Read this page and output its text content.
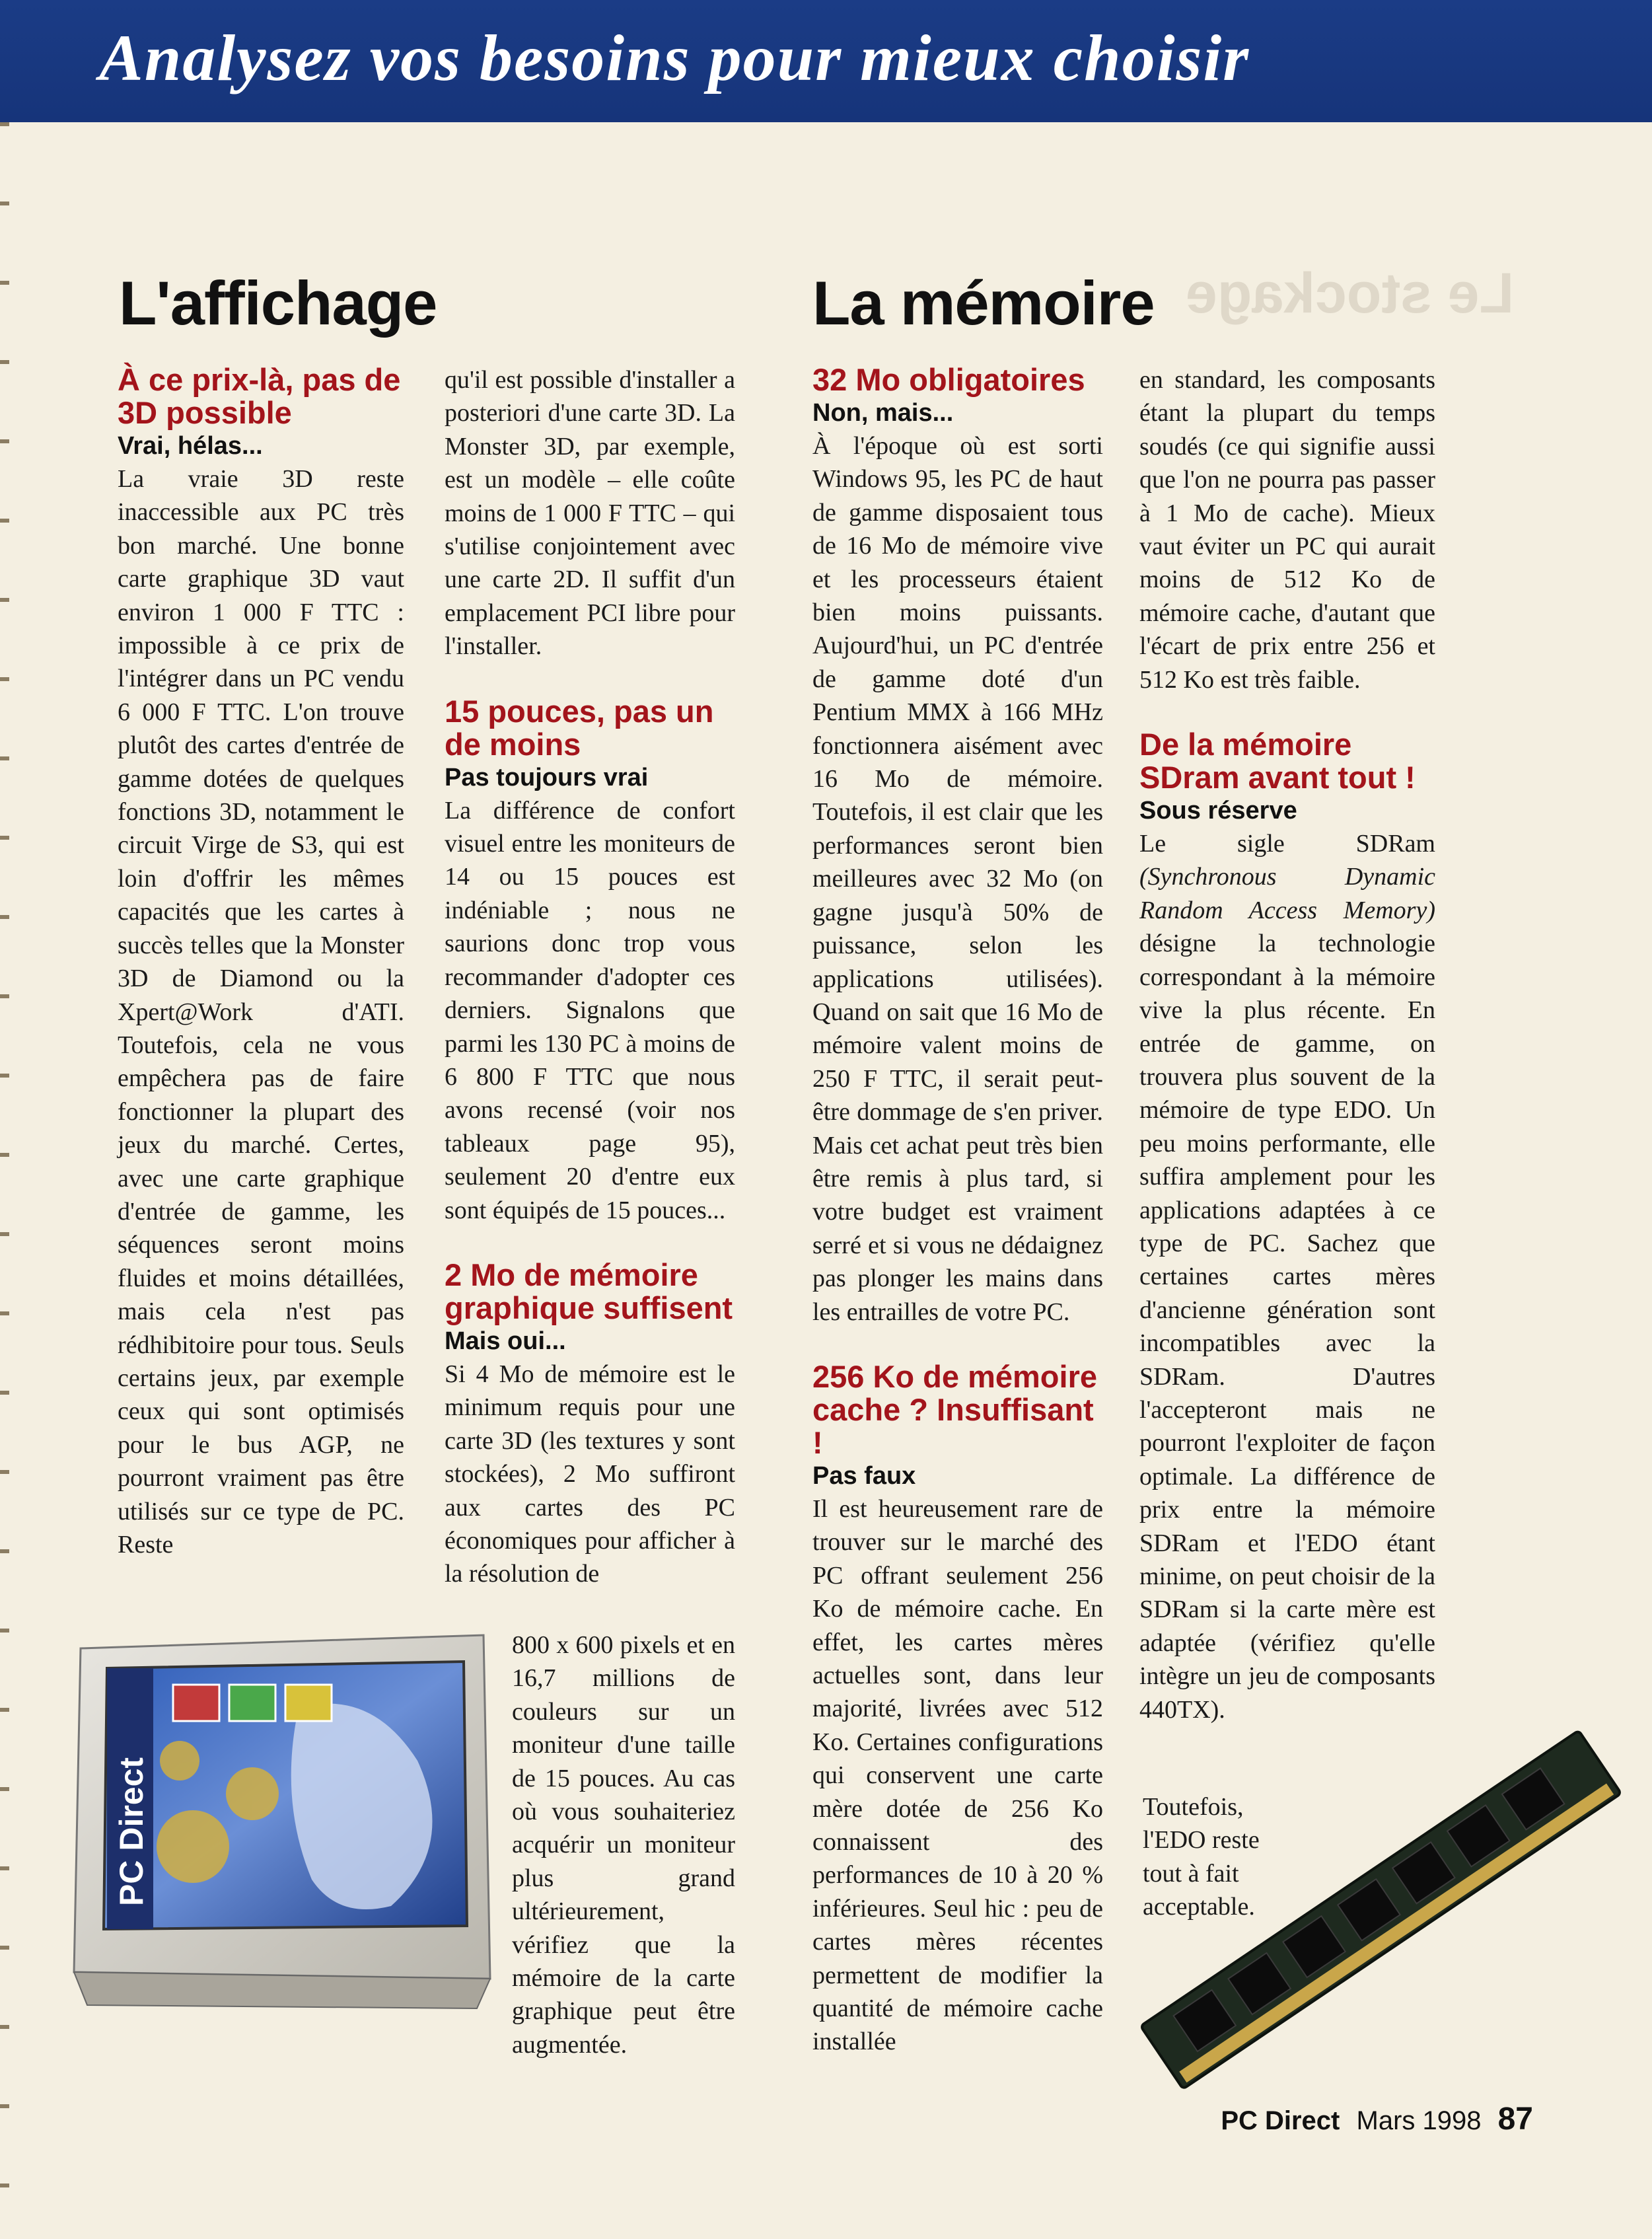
Analysez vos besoins pour mieux choisir
Le stockage
L'affichage	La mémoire

À ce prix-là, pas de 3D possible

Vrai, hélas...

La vraie 3D reste inaccessible aux PC très bon marché. Une bonne carte graphique 3D vaut environ 1 000 F TTC : impossible à ce prix de l'intégrer dans un PC vendu 6 000 F TTC. L'on trouve plutôt des cartes d'entrée de gamme dotées de quelques fonctions 3D, notamment le circuit Virge de S3, qui est loin d'offrir les mêmes capacités que les cartes à succès telles que la Monster 3D de Diamond ou la Xpert@Work d'ATI. Toutefois, cela ne vous empêchera pas de faire fonctionner la plupart des jeux du marché. Certes, avec une carte graphique d'entrée de gamme, les séquences seront moins fluides et moins détaillées, mais cela n'est pas rédhibitoire pour tous. Seuls certains jeux, par exemple ceux qui sont optimisés pour le bus AGP, ne pourront vraiment pas être utilisés sur ce type de PC. Reste

qu'il est possible d'installer a posteriori d'une carte 3D. La Monster 3D, par exemple, est un modèle – elle coûte moins de 1 000 F TTC – qui s'utilise conjointement avec une carte 2D. Il suffit d'un emplacement PCI libre pour l'installer.

15 pouces, pas un de moins

Pas toujours vrai

La différence de confort visuel entre les moniteurs de 14 ou 15 pouces est indéniable ; nous ne saurions donc trop vous recommander d'adopter ces derniers. Signalons que parmi les 130 PC à moins de 6 800 F TTC que nous avons recensé (voir nos tableaux page 95), seulement 20 d'entre eux sont équipés de 15 pouces...

2 Mo de mémoire graphique suffisent

Mais oui...

Si 4 Mo de mémoire est le minimum requis pour une carte 3D (les textures y sont stockées), 2 Mo suffiront aux cartes des PC économiques pour afficher à la résolution de

800 x 600 pixels et en 16,7 millions de couleurs sur un moniteur d'une taille de 15 pouces. Au cas où vous souhaiteriez acquérir un moniteur plus grand ultérieurement, vérifiez que la mémoire de la carte graphique peut être augmentée.

PC Direct

32 Mo obligatoires

Non, mais...

À l'époque où est sorti Windows 95, les PC de haut de gamme disposaient tous de 16 Mo de mémoire vive et les processeurs étaient bien moins puissants. Aujourd'hui, un PC d'entrée de gamme doté d'un Pentium MMX à 166 MHz fonctionnera aisément avec 16 Mo de mémoire. Toutefois, il est clair que les performances seront bien meilleures avec 32 Mo (on gagne jusqu'à 50% de puissance, selon les applications utilisées). Quand on sait que 16 Mo de mémoire valent moins de 250 F TTC, il serait peut-être dommage de s'en priver. Mais cet achat peut très bien être remis à plus tard, si votre budget est vraiment serré et si vous ne dédaignez pas plonger les mains dans les entrailles de votre PC.

256 Ko de mémoire cache ? Insuffisant !

Pas faux

Il est heureusement rare de trouver sur le marché des PC offrant seulement 256 Ko de mémoire cache. En effet, les cartes mères actuelles sont, dans leur majorité, livrées avec 512 Ko. Certaines configurations qui conservent une carte mère dotée de 256 Ko connaissent des performances de 10 à 20 % inférieures. Seul hic : peu de cartes mères récentes permettent de modifier la quantité de mémoire cache installée

en standard, les composants étant la plupart du temps soudés (ce qui signifie aussi que l'on ne pourra pas passer à 1 Mo de cache). Mieux vaut éviter un PC qui aurait moins de 512 Ko de mémoire cache, d'autant que l'écart de prix entre 256 et 512 Ko est très faible.

De la mémoire SDram avant tout !

Sous réserve

Le sigle SDRam (Synchronous Dynamic Random Access Memory) désigne la technologie correspondant à la mémoire vive la plus récente. En entrée de gamme, on trouvera plus souvent de la mémoire de type EDO. Un peu moins performante, elle suffira amplement pour les applications adaptées à ce type de PC. Sachez que certaines cartes mères d'ancienne génération sont incompatibles avec la SDRam. D'autres l'accepteront mais ne pourront l'exploiter de façon optimale. La différence de prix entre la mémoire SDRam et l'EDO étant minime, on peut choisir de la SDRam si la carte mère est adaptée (vérifiez qu'elle intègre un jeu de composants 440TX).

Toutefois, l'EDO reste tout à fait acceptable.

PC Direct Mars 1998 87
